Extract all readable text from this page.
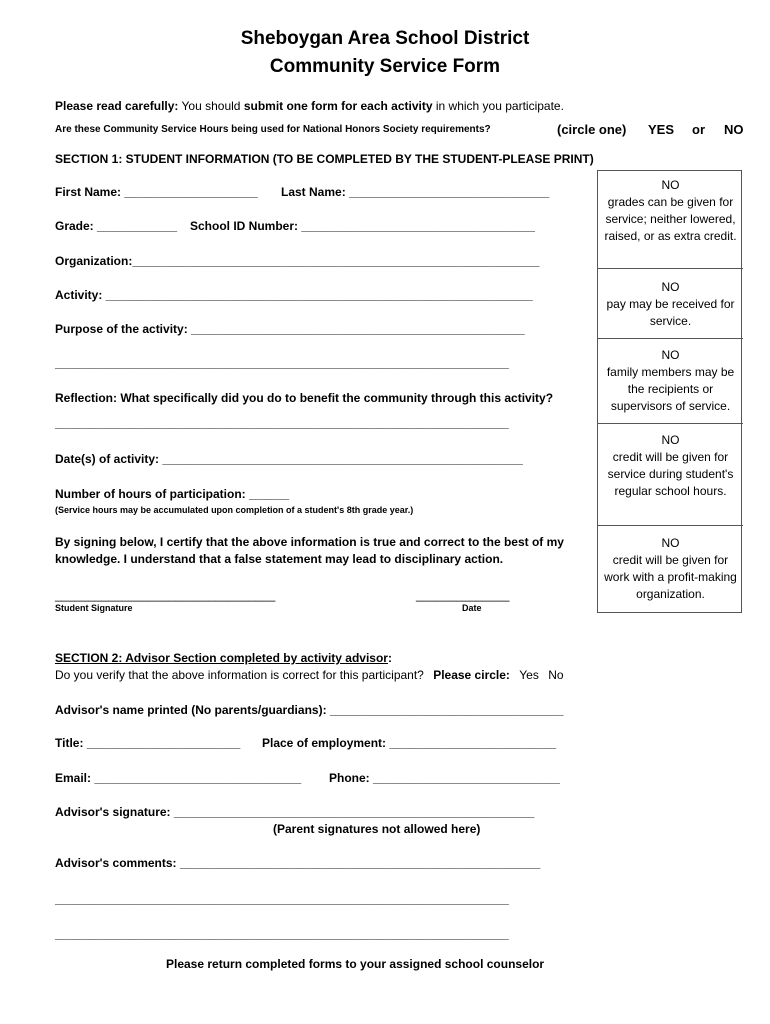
Sheboygan Area School District
Community Service Form
Please read carefully: You should submit one form for each activity in which you participate.
Are these Community Service Hours being used for National Honors Society requirements?	(circle one) YES or NO
SECTION 1: STUDENT INFORMATION (TO BE COMPLETED BY THE STUDENT-PLEASE PRINT)
First Name: ____________________ Last Name: ______________________________
Grade: ____________ School ID Number: ___________________________________
Organization:_____________________________________________________________
Activity: ________________________________________________________________
Purpose of the activity: __________________________________________________
____________________________________________________________________
Reflection: What specifically did you do to benefit the community through this activity?
____________________________________________________________________
Date(s) of activity: ______________________________________________________
Number of hours of participation: ______
(Service hours may be accumulated upon completion of a student's 8th grade year.)
By signing below, I certify that the above information is true and correct to the best of my
knowledge. I understand that a false statement may lead to disciplinary action.
_________________________________	______________
Student Signature	Date
NO
grades can be given for service; neither lowered, raised, or as extra credit.
NO
pay may be received for service.
NO
family members may be the recipients or supervisors of service.
NO
credit will be given for service during student's regular school hours.
NO
credit will be given for work with a profit-making organization.
SECTION 2: Advisor Section completed by activity advisor:
Do you verify that the above information is correct for this participant? Please circle: Yes No
Advisor's name printed (No parents/guardians): ___________________________________
Title: _______________________ Place of employment: _________________________
Email: _______________________________ Phone: ____________________________
Advisor's signature: ______________________________________________________
(Parent signatures not allowed here)
Advisor's comments: ______________________________________________________
____________________________________________________________________
____________________________________________________________________
Please return completed forms to your assigned school counselor
